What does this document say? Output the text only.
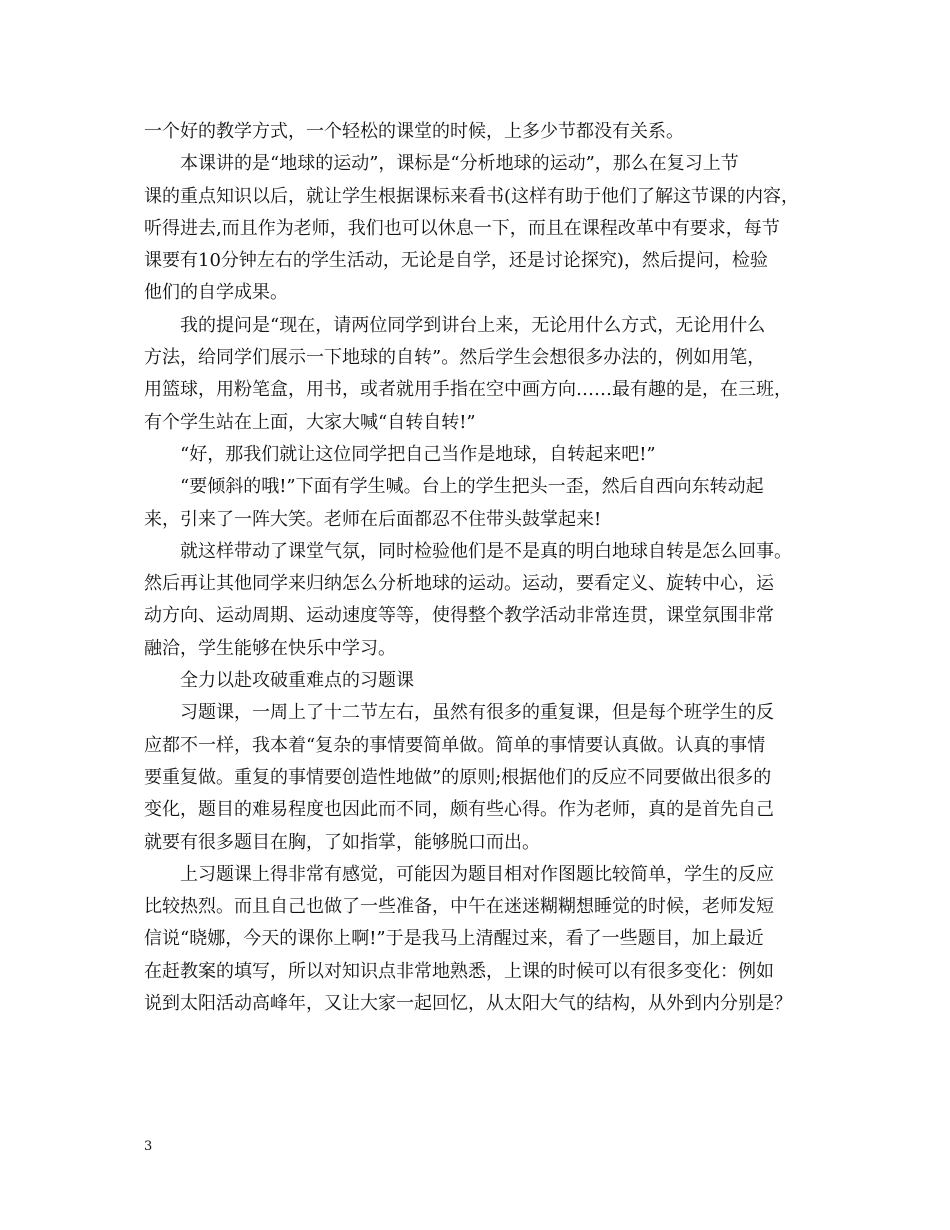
一个好的教学方式，一个轻松的课堂的时候，上多少节都没有关系。
本课讲的是“地球的运动”，课标是“分析地球的运动”，那么在复习上节
课的重点知识以后，就让学生根据课标来看书(这样有助于他们了解这节课的内容，
听得进去,而且作为老师，我们也可以休息一下，而且在课程改革中有要求，每节
课要有10分钟左右的学生活动，无论是自学，还是讨论探究)，然后提问，检验
他们的自学成果。
我的提问是“现在，请两位同学到讲台上来，无论用什么方式，无论用什么
方法，给同学们展示一下地球的自转”。然后学生会想很多办法的，例如用笔，
用篮球，用粉笔盒，用书，或者就用手指在空中画方向……最有趣的是，在三班，
有个学生站在上面，大家大喊“自转自转!”
“好，那我们就让这位同学把自己当作是地球，自转起来吧!”
“要倾斜的哦!”下面有学生喊。台上的学生把头一歪，然后自西向东转动起
来，引来了一阵大笑。老师在后面都忍不住带头鼓掌起来!
就这样带动了课堂气氛，同时检验他们是不是真的明白地球自转是怎么回事。
然后再让其他同学来归纳怎么分析地球的运动。运动，要看定义、旋转中心，运
动方向、运动周期、运动速度等等，使得整个教学活动非常连贯，课堂氛围非常
融洽，学生能够在快乐中学习。
全力以赴攻破重难点的习题课
习题课，一周上了十二节左右，虽然有很多的重复课，但是每个班学生的反
应都不一样，我本着“复杂的事情要简单做。简单的事情要认真做。认真的事情
要重复做。重复的事情要创造性地做”的原则;根据他们的反应不同要做出很多的
变化，题目的难易程度也因此而不同，颇有些心得。作为老师，真的是首先自己
就要有很多题目在胸，了如指掌，能够脱口而出。
上习题课上得非常有感觉，可能因为题目相对作图题比较简单，学生的反应
比较热烈。而且自己也做了一些准备，中午在迷迷糊糊想睡觉的时候，老师发短
信说“晓娜，今天的课你上啊!”于是我马上清醒过来，看了一些题目，加上最近
在赶教案的填写，所以对知识点非常地熟悉，上课的时候可以有很多变化：例如
说到太阳活动高峰年，又让大家一起回忆，从太阳大气的结构，从外到内分别是？
3
